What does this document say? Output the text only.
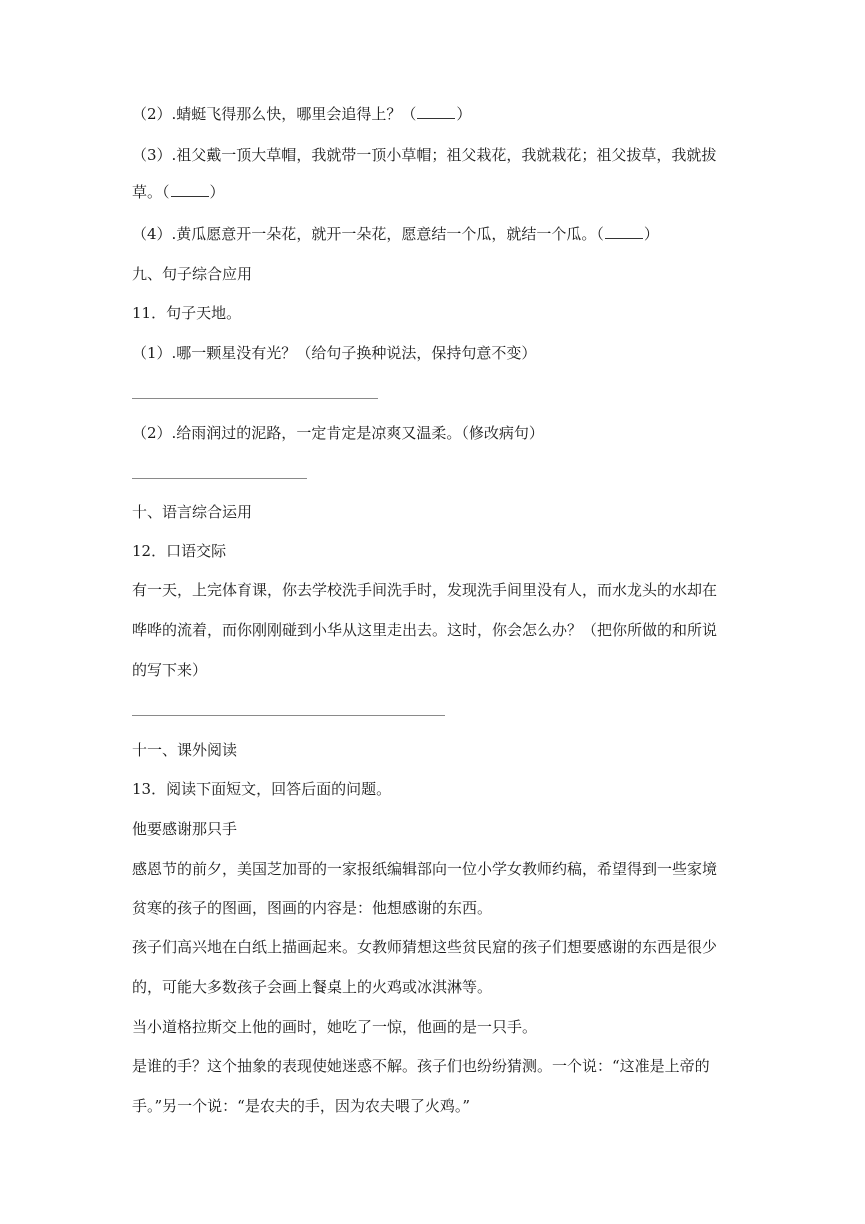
（2）.蜻蜓飞得那么快，哪里会追得上？（	）
（3）.祖父戴一顶大草帽，我就带一顶小草帽；祖父栽花，我就栽花；祖父拔草，我就拔
草。（	）
（4）.黄瓜愿意开一朵花，就开一朵花，愿意结一个瓜，就结一个瓜。（	）
九、句子综合应用
11．句子天地。
（1）.哪一颗星没有光？（给句子换种说法，保持句意不变）
（2）.给雨润过的泥路，一定肯定是凉爽又温柔。（修改病句）
十、语言综合运用
12．口语交际
有一天，上完体育课，你去学校洗手间洗手时，发现洗手间里没有人，而水龙头的水却在
哗哗的流着，而你刚刚碰到小华从这里走出去。这时，你会怎么办？（把你所做的和所说
的写下来）
十一、课外阅读
13．阅读下面短文，回答后面的问题。
他要感谢那只手
感恩节的前夕，美国芝加哥的一家报纸编辑部向一位小学女教师约稿，希望得到一些家境
贫寒的孩子的图画，图画的内容是：他想感谢的东西。
孩子们高兴地在白纸上描画起来。女教师猜想这些贫民窟的孩子们想要感谢的东西是很少
的，可能大多数孩子会画上餐桌上的火鸡或冰淇淋等。
当小道格拉斯交上他的画时，她吃了一惊，他画的是一只手。
是谁的手？这个抽象的表现使她迷惑不解。孩子们也纷纷猜测。一个说：“这准是上帝的
手。”另一个说：“是农夫的手，因为农夫喂了火鸡。”
